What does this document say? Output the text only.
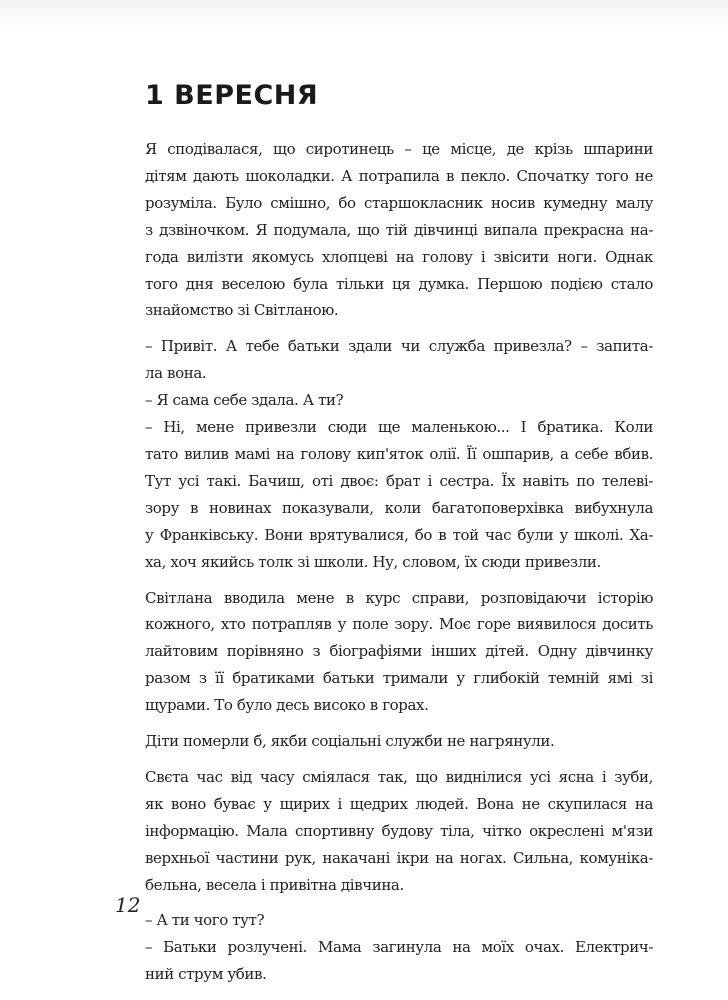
1 ВЕРЕСНЯ

Я сподівалася, що сиротинець – це місце, де крізь шпарини

дітям дають шоколадки. А потрапила в пекло. Спочатку того не

розуміла. Було смішно, бо старшокласник носив кумедну малу

з дзвіночком. Я подумала, що тій дівчинці випала прекрасна на-

года вилізти якомусь хлопцеві на голову і звісити ноги. Однак

того дня веселою була тільки ця думка. Першою подією стало

знайомство зі Світланою.

– Привіт. А тебе батьки здали чи служба привезла? – запита-

ла вона.

– Я сама себе здала. А ти?

– Ні, мене привезли сюди ще маленькою... І братика. Коли

тато вилив мамі на голову кип'яток олії. Її ошпарив, а себе вбив.

Тут усі такі. Бачиш, оті двоє: брат і сестра. Їх навіть по телеві-

зору в новинах показували, коли багатоповерхівка вибухнула

у Франківську. Вони врятувалися, бо в той час були у школі. Ха-

ха, хоч якийсь толк зі школи. Ну, словом, їх сюди привезли.

Світлана вводила мене в курс справи, розповідаючи історію

кожного, хто потрапляв у поле зору. Моє горе виявилося досить

лайтовим порівняно з біографіями інших дітей. Одну дівчинку

разом з її братиками батьки тримали у глибокій темній ямі зі

щурами. То було десь високо в горах.

Діти померли б, якби соціальні служби не нагрянули.

Свєта час від часу сміялася так, що виднілися усі ясна і зуби,

як воно буває у щирих і щедрих людей. Вона не скупилася на

інформацію. Мала спортивну будову тіла, чітко окреслені м'язи

верхньої частини рук, накачані ікри на ногах. Сильна, комуніка-

бельна, весела і привітна дівчина.

– А ти чого тут?

– Батьки розлучені. Мама загинула на моїх очах. Електрич-

ний струм убив.

12
